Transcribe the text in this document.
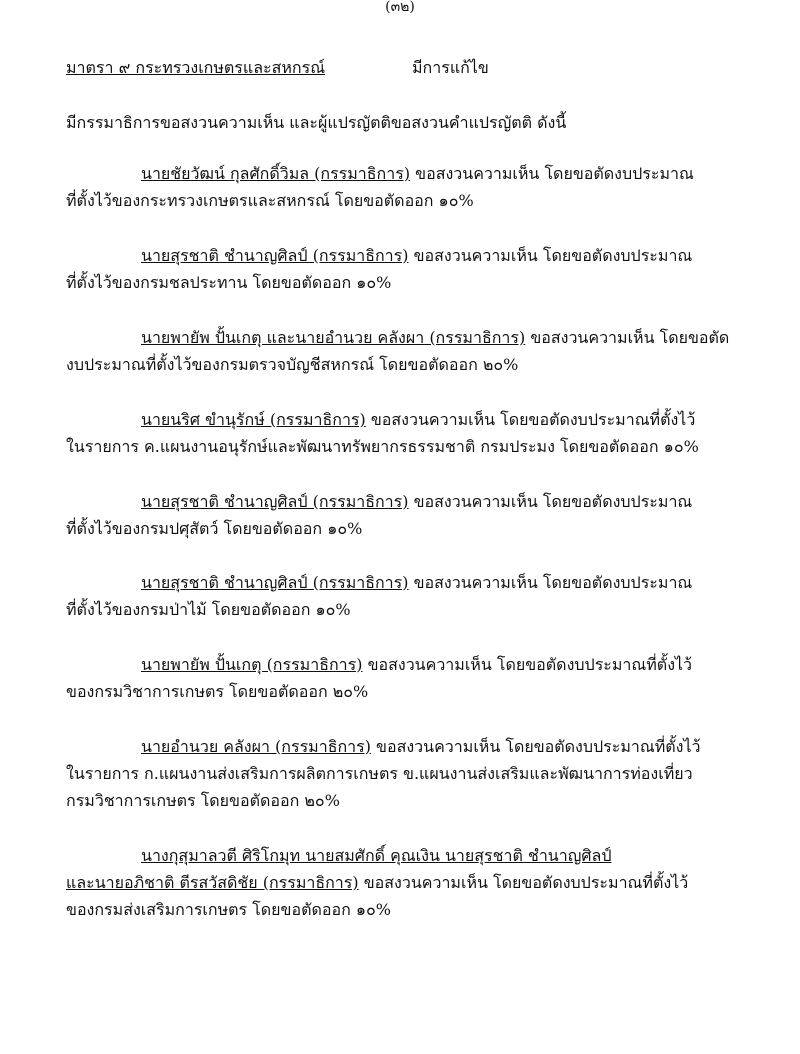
(๓๒)
มาตรา ๙ กระทรวงเกษตรและสหกรณ์	มีการแก้ไข
มีกรรมาธิการขอสงวนความเห็น และผู้แปรญัตติขอสงวนคำแปรญัตติ ดังนี้
นายชัยวัฒน์ กุลศักดิ์วิมล (กรรมาธิการ) ขอสงวนความเห็น โดยขอตัดงบประมาณ
ที่ตั้งไว้ของกระทรวงเกษตรและสหกรณ์ โดยขอตัดออก ๑๐%
นายสุรชาติ ชำนาญศิลป์ (กรรมาธิการ) ขอสงวนความเห็น โดยขอตัดงบประมาณ
ที่ตั้งไว้ของกรมชลประทาน โดยขอตัดออก ๑๐%
นายพายัพ ปั้นเกตุ และนายอำนวย คลังผา (กรรมาธิการ) ขอสงวนความเห็น โดยขอตัด
งบประมาณที่ตั้งไว้ของกรมตรวจบัญชีสหกรณ์ โดยขอตัดออก ๒๐%
นายนริศ ขำนุรักษ์ (กรรมาธิการ) ขอสงวนความเห็น โดยขอตัดงบประมาณที่ตั้งไว้
ในรายการ ค.แผนงานอนุรักษ์และพัฒนาทรัพยากรธรรมชาติ กรมประมง โดยขอตัดออก ๑๐%
นายสุรชาติ ชำนาญศิลป์ (กรรมาธิการ) ขอสงวนความเห็น โดยขอตัดงบประมาณ
ที่ตั้งไว้ของกรมปศุสัตว์ โดยขอตัดออก ๑๐%
นายสุรชาติ ชำนาญศิลป์ (กรรมาธิการ) ขอสงวนความเห็น โดยขอตัดงบประมาณ
ที่ตั้งไว้ของกรมป่าไม้ โดยขอตัดออก ๑๐%
นายพายัพ ปั้นเกตุ (กรรมาธิการ) ขอสงวนความเห็น โดยขอตัดงบประมาณที่ตั้งไว้
ของกรมวิชาการเกษตร โดยขอตัดออก ๒๐%
นายอำนวย คลังผา (กรรมาธิการ) ขอสงวนความเห็น โดยขอตัดงบประมาณที่ตั้งไว้
ในรายการ ก.แผนงานส่งเสริมการผลิตการเกษตร ข.แผนงานส่งเสริมและพัฒนาการท่องเที่ยว
กรมวิชาการเกษตร โดยขอตัดออก ๒๐%
นางกุสุมาลวตี ศิริโกมุท นายสมศักดิ์ คุณเงิน นายสุรชาติ ชำนาญศิลป์
และนายอภิชาติ ตีรสวัสดิชัย (กรรมาธิการ) ขอสงวนความเห็น โดยขอตัดงบประมาณที่ตั้งไว้
ของกรมส่งเสริมการเกษตร โดยขอตัดออก ๑๐%
